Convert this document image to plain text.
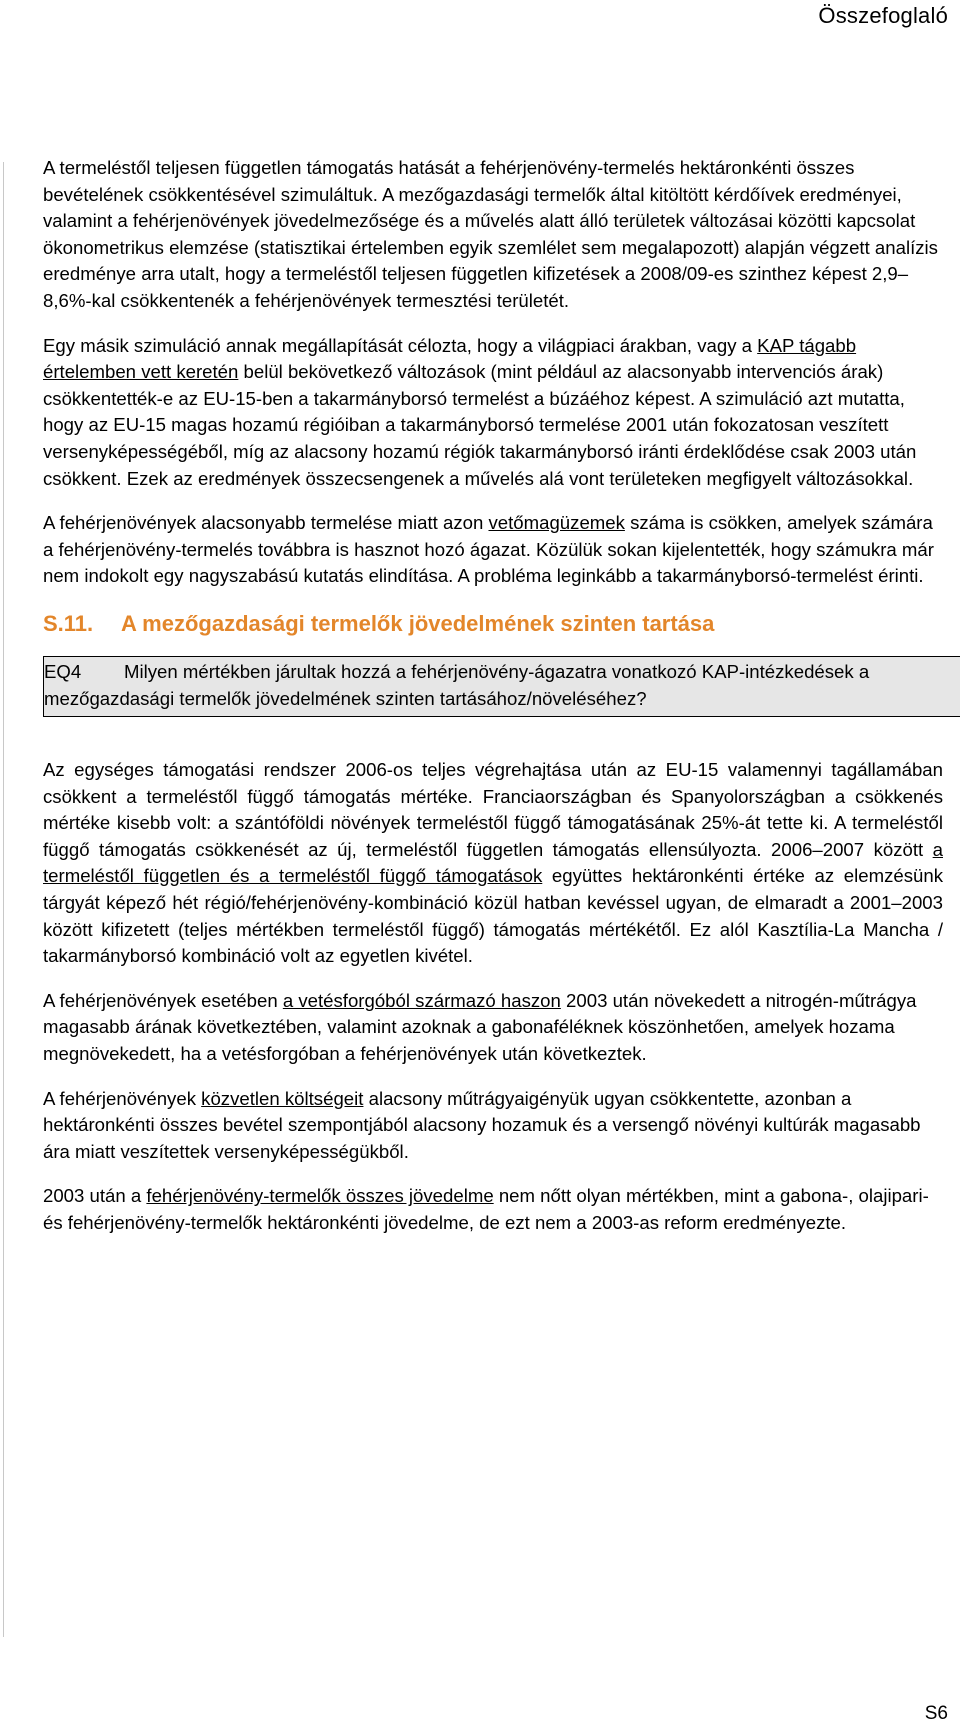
Összefoglaló

A termeléstől teljesen független támogatás hatását a fehérjenövény-termelés hektáronkénti összes bevételének csökkentésével szimuláltuk. A mezőgazdasági termelők által kitöltött kérdőívek eredményei, valamint a fehérjenövények jövedelmezősége és a művelés alatt álló területek változásai közötti kapcsolat ökonometrikus elemzése (statisztikai értelemben egyik szemlélet sem megalapozott) alapján végzett analízis eredménye arra utalt, hogy a termeléstől teljesen független kifizetések a 2008/09-es szinthez képest 2,9–8,6%-kal csökkentenék a fehérjenövények termesztési területét.

Egy másik szimuláció annak megállapítását célozta, hogy a világpiaci árakban, vagy a KAP tágabb értelemben vett keretén belül bekövetkező változások (mint például az alacsonyabb intervenciós árak) csökkentették-e az EU-15-ben a takarmányborsó termelést a búzáéhoz képest. A szimuláció azt mutatta, hogy az EU-15 magas hozamú régióiban a takarmányborsó termelése 2001 után fokozatosan veszített versenyképességéből, míg az alacsony hozamú régiók takarmányborsó iránti érdeklődése csak 2003 után csökkent. Ezek az eredmények összecsengenek a művelés alá vont területeken megfigyelt változásokkal.

A fehérjenövények alacsonyabb termelése miatt azon vetőmagüzemek száma is csökken, amelyek számára a fehérjenövény-termelés továbbra is hasznot hozó ágazat. Közülük sokan kijelentették, hogy számukra már nem indokolt egy nagyszabású kutatás elindítása. A probléma leginkább a takarmányborsó-termelést érinti.

S.11. A mezőgazdasági termelők jövedelmének szinten tartása
EQ4 Milyen mértékben járultak hozzá a fehérjenövény-ágazatra vonatkozó KAP-intézkedések a mezőgazdasági termelők jövedelmének szinten tartásához/növeléséhez?

Az egységes támogatási rendszer 2006-os teljes végrehajtása után az EU-15 valamennyi tagállamában csökkent a termeléstől függő támogatás mértéke. Franciaországban és Spanyolországban a csökkenés mértéke kisebb volt: a szántóföldi növények termeléstől függő támogatásának 25%-át tette ki. A termeléstől függő támogatás csökkenését az új, termeléstől független támogatás ellensúlyozta. 2006–2007 között a termeléstől független és a termeléstől függő támogatások együttes hektáronkénti értéke az elemzésünk tárgyát képező hét régió/fehérjenövény-kombináció közül hatban kevéssel ugyan, de elmaradt a 2001–2003 között kifizetett (teljes mértékben termeléstől függő) támogatás mértékétől. Ez alól Kasztília-La Mancha / takarmányborsó kombináció volt az egyetlen kivétel.

A fehérjenövények esetében a vetésforgóból származó haszon 2003 után növekedett a nitrogén-műtrágya magasabb árának következtében, valamint azoknak a gabonaféléknek köszönhetően, amelyek hozama megnövekedett, ha a vetésforgóban a fehérjenövények után következtek.

A fehérjenövények közvetlen költségeit alacsony műtrágyaigényük ugyan csökkentette, azonban a hektáronkénti összes bevétel szempontjából alacsony hozamuk és a versengő növényi kultúrák magasabb ára miatt veszítettek versenyképességükből.

2003 után a fehérjenövény-termelők összes jövedelme nem nőtt olyan mértékben, mint a gabona-, olajipari- és fehérjenövény-termelők hektáronkénti jövedelme, de ezt nem a 2003-as reform eredményezte.

S6
